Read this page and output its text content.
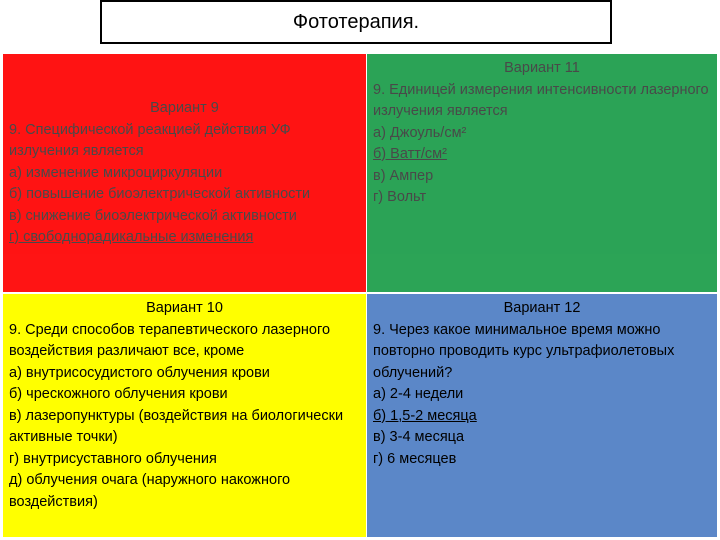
Фототерапия.
Вариант 9
9. Специфической реакцией действия УФ излучения является
а) изменение микроциркуляции
б) повышение биоэлектрической активности
в) снижение биоэлектрической активности
г) свободнорадикальные изменения
Вариант 11
9. Единицей измерения интенсивности лазерного излучения является
а) Джоуль/см²
б) Ватт/см²
в) Ампер
г) Вольт
Вариант 10
9. Среди способов терапевтического лазерного воздействия различают все, кроме
а) внутрисосудистого облучения крови
б) чрескожного облучения крови
в) лазеропунктуры (воздействия на биологически активные точки)
г) внутрисуставного облучения
д) облучения очага (наружного накожного воздействия)
Вариант 12
9. Через какое минимальное время можно повторно проводить курс ультрафиолетовых облучений?
а) 2-4 недели
б) 1,5-2 месяца
в) 3-4 месяца
г) 6 месяцев
